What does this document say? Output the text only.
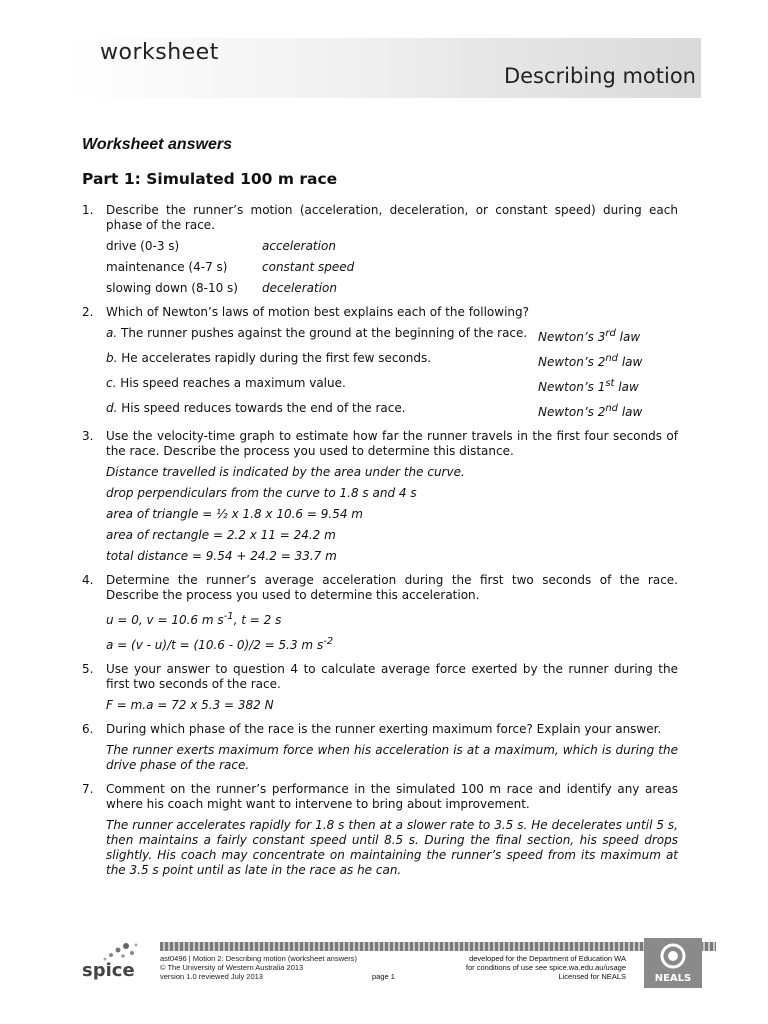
worksheet
Describing motion
Worksheet answers
Part 1: Simulated 100 m race
1. Describe the runner’s motion (acceleration, deceleration, or constant speed) during each phase of the race.
drive (0-3 s)	acceleration
maintenance (4-7 s)	constant speed
slowing down (8-10 s)	deceleration
2. Which of Newton’s laws of motion best explains each of the following?
a. The runner pushes against the ground at the beginning of the race. Newton’s 3rd law
b. He accelerates rapidly during the first few seconds.	Newton’s 2nd law
c. His speed reaches a maximum value.	Newton’s 1st law
d. His speed reduces towards the end of the race.	Newton’s 2nd law
3. Use the velocity-time graph to estimate how far the runner travels in the first four seconds of the race. Describe the process you used to determine this distance.
Distance travelled is indicated by the area under the curve.
drop perpendiculars from the curve to 1.8 s and 4 s
area of triangle = ½ x 1.8 x 10.6 = 9.54 m
area of rectangle = 2.2 x 11 = 24.2 m
total distance = 9.54 + 24.2 = 33.7 m
4. Determine the runner’s average acceleration during the first two seconds of the race. Describe the process you used to determine this acceleration.
u = 0, v = 10.6 m $s^{-1}$, t = 2 s
a = (v - u)/t = (10.6 - 0)/2 = 5.3 m $s^{-2}$
5. Use your answer to question 4 to calculate average force exerted by the runner during the first two seconds of the race.
F = m.a = 72 x 5.3 = 382 N
6. During which phase of the race is the runner exerting maximum force? Explain your answer.
The runner exerts maximum force when his acceleration is at a maximum, which is during the drive phase of the race.
7. Comment on the runner’s performance in the simulated 100 m race and identify any areas where his coach might want to intervene to bring about improvement.
The runner accelerates rapidly for 1.8 s then at a slower rate to 3.5 s. He decelerates until 5 s, then maintains a fairly constant speed until 8.5 s. During the final section, his speed drops slightly. His coach may concentrate on maintaining the runner’s speed from its maximum at the 3.5 s point until as late in the race as he can.
spice
ast0496 | Motion 2: Describing motion (worksheet answers)
© The University of Western Australia 2013
version 1.0 reviewed July 2013	page 1
developed for the Department of Education WA
for conditions of use see spice.wa.edu.au/usage
Licensed for NEALS	NEALS
